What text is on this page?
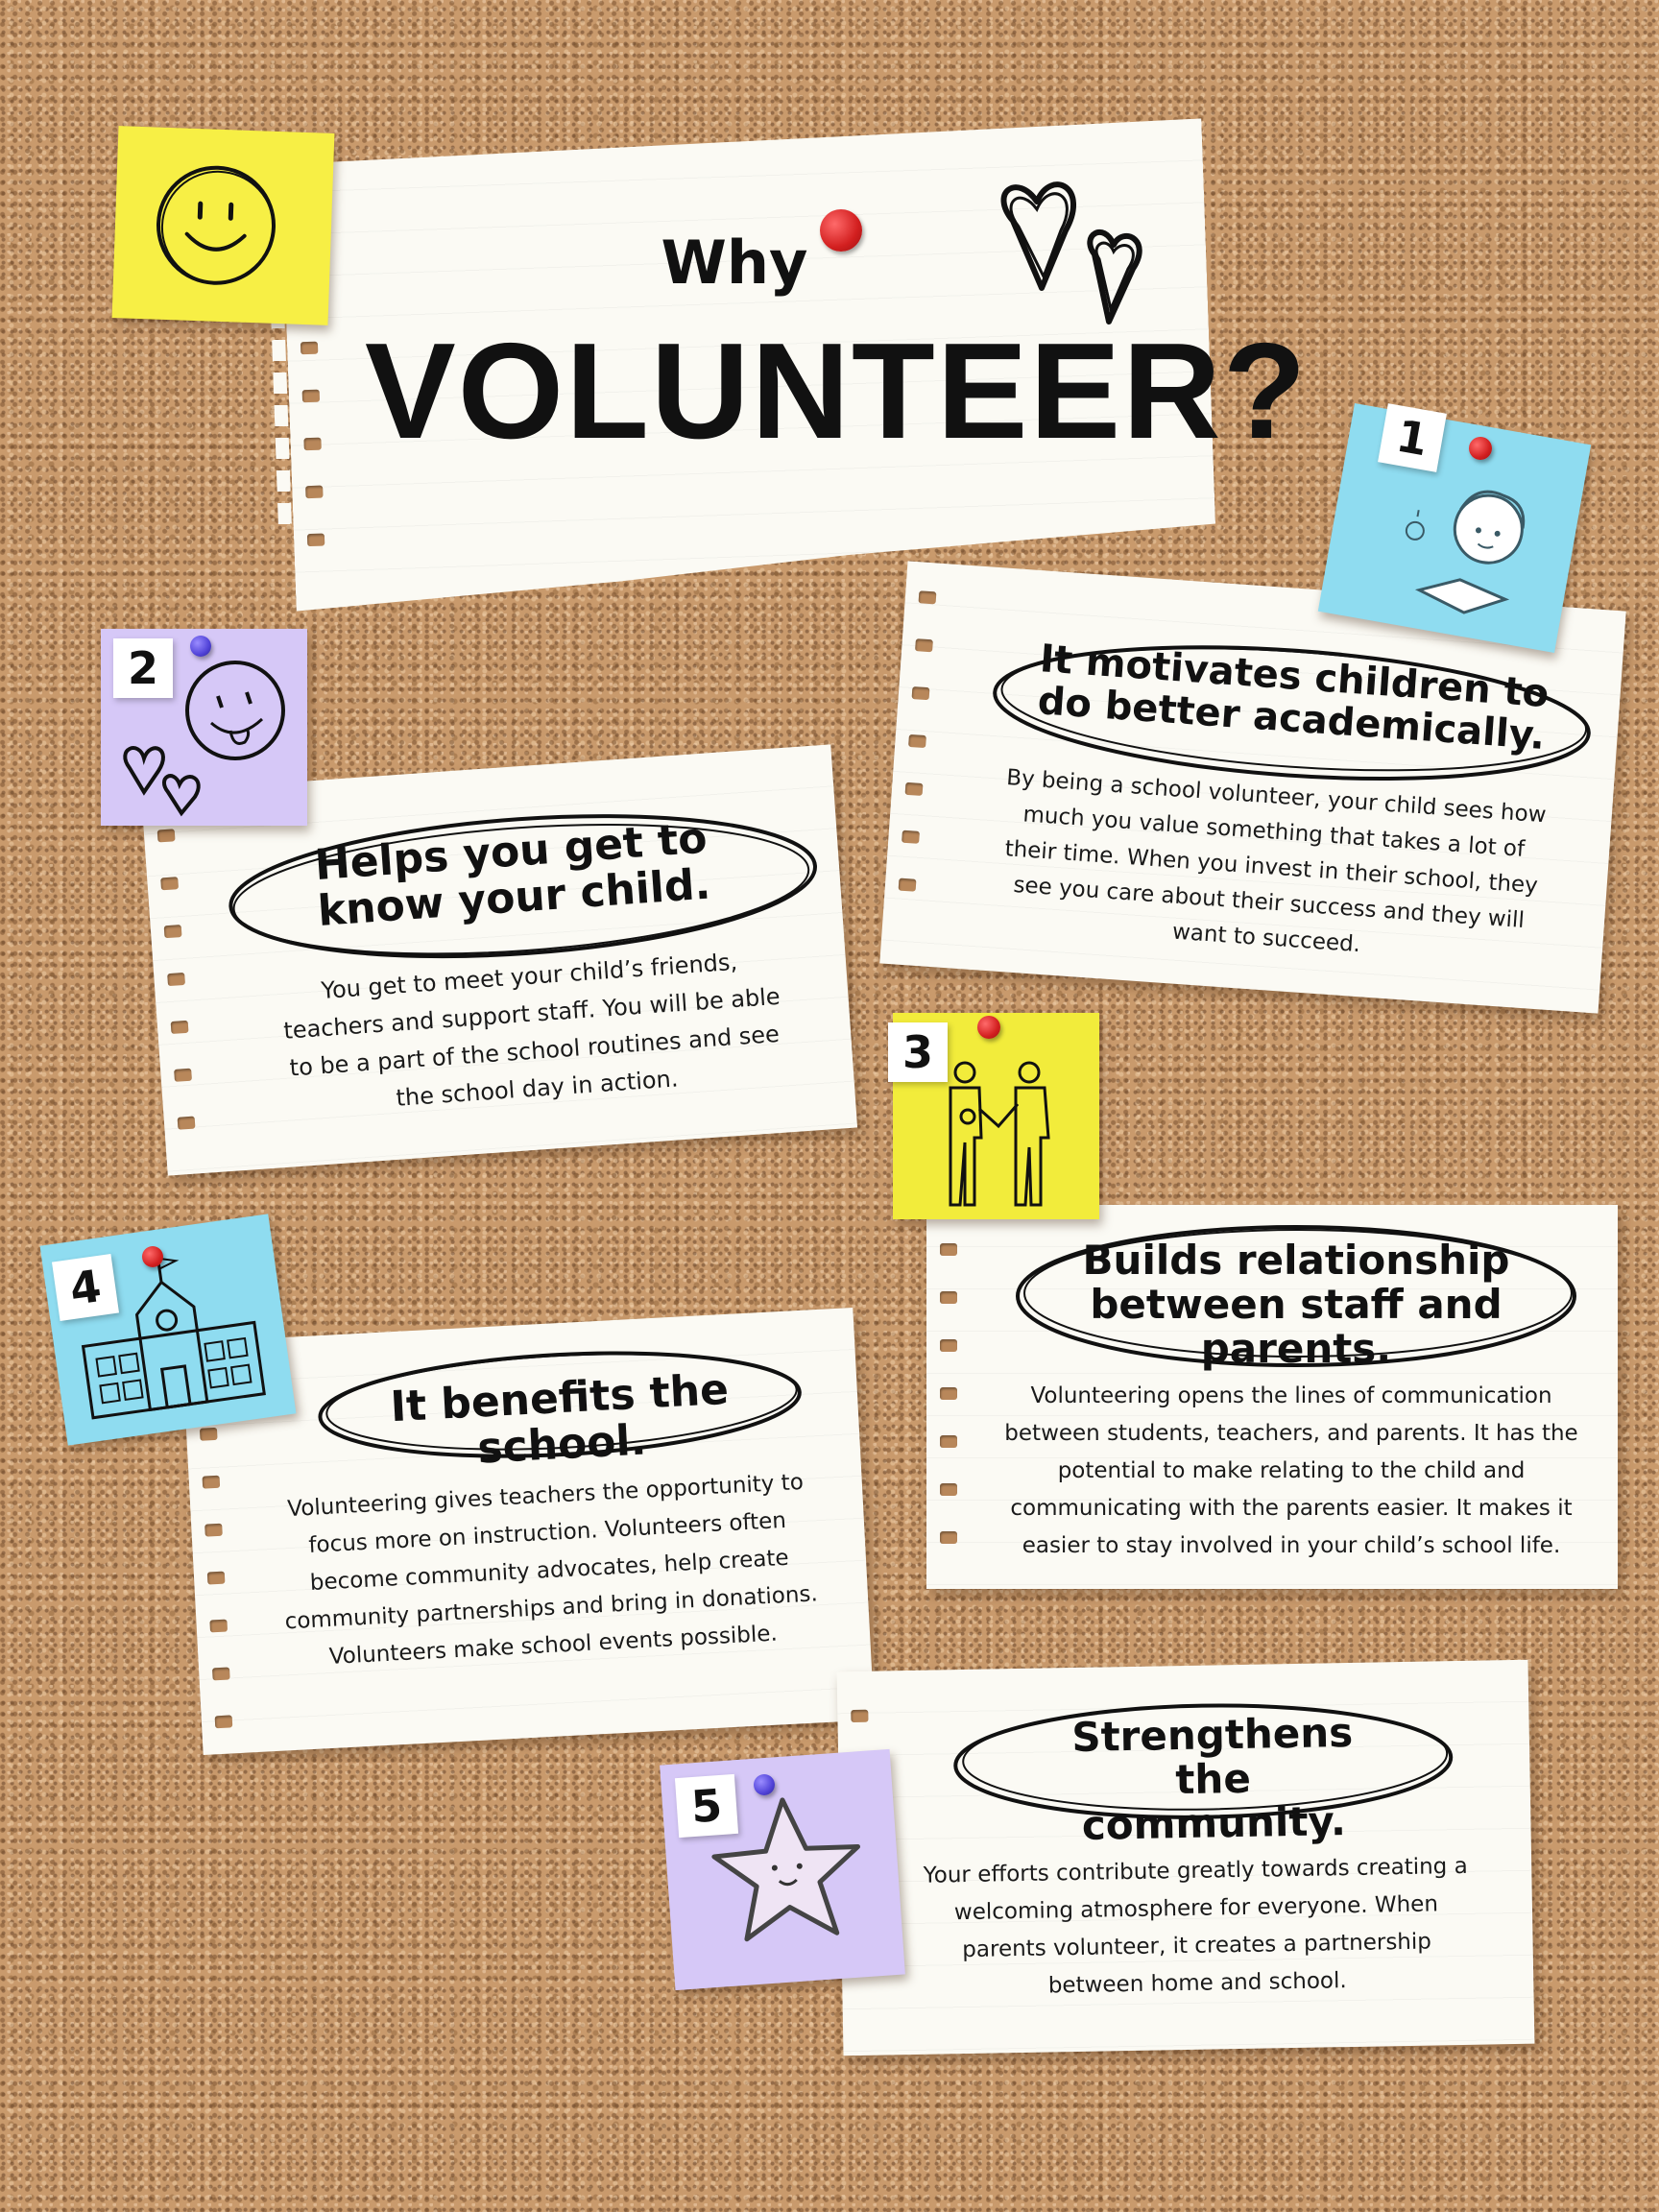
Why
VOLUNTEER?
It motivates children to do better academically.
By being a school volunteer, your child sees how much you value something that takes a lot of their time. When you invest in their school, they see you care about their success and they will want to succeed.
1
Helps you get to know your child.
You get to meet your child’s friends, teachers and support staff. You will be able to be a part of the school routines and see the school day in action.
2
Builds relationship between staff and parents.
Volunteering opens the lines of communication between students, teachers, and parents. It has the potential to make relating to the child and communicating with the parents easier. It makes it easier to stay involved in your child’s school life.
3
It benefits the school.
Volunteering gives teachers the opportunity to focus more on instruction. Volunteers often become community advocates, help create community partnerships and bring in donations. Volunteers make school events possible.
4
Strengthens the community.
Your efforts contribute greatly towards creating a welcoming atmosphere for everyone. When parents volunteer, it creates a partnership between home and school.
5
